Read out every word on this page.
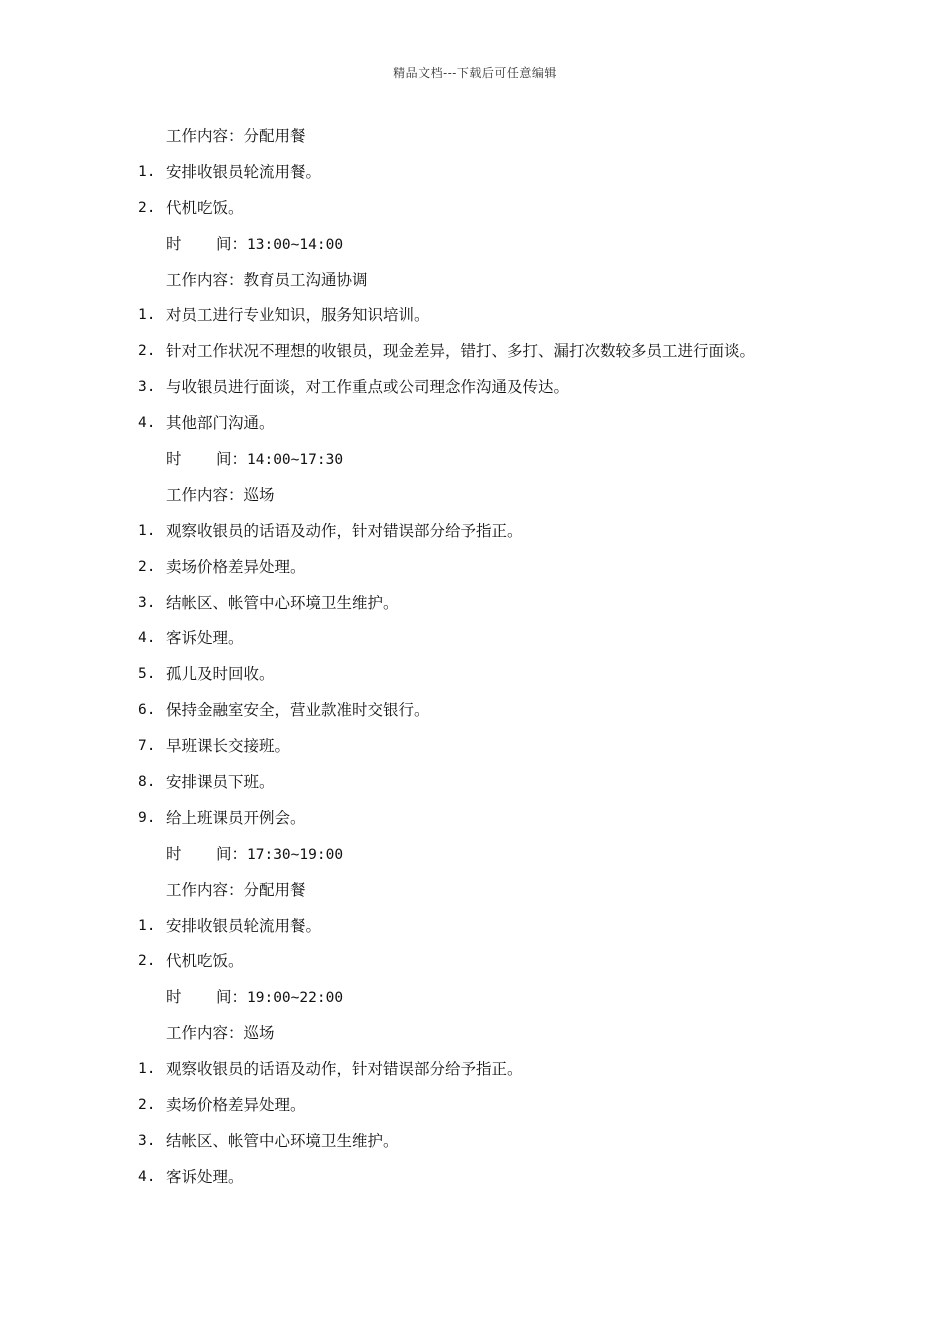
精品文档---下载后可任意编辑
工作内容：分配用餐
1. 安排收银员轮流用餐。
2. 代机吃饭。
时 间：13:00~14:00
工作内容：教育员工沟通协调
1. 对员工进行专业知识，服务知识培训。
2. 针对工作状况不理想的收银员，现金差异，错打、多打、漏打次数较多员工进行面谈。
3. 与收银员进行面谈，对工作重点或公司理念作沟通及传达。
4. 其他部门沟通。
时 间：14:00~17:30
工作内容：巡场
1. 观察收银员的话语及动作，针对错误部分给予指正。
2. 卖场价格差异处理。
3. 结帐区、帐管中心环境卫生维护。
4. 客诉处理。
5. 孤儿及时回收。
6. 保持金融室安全，营业款准时交银行。
7. 早班课长交接班。
8. 安排课员下班。
9. 给上班课员开例会。
时 间：17:30~19:00
工作内容：分配用餐
1. 安排收银员轮流用餐。
2. 代机吃饭。
时 间：19:00~22:00
工作内容：巡场
1. 观察收银员的话语及动作，针对错误部分给予指正。
2. 卖场价格差异处理。
3. 结帐区、帐管中心环境卫生维护。
4. 客诉处理。
